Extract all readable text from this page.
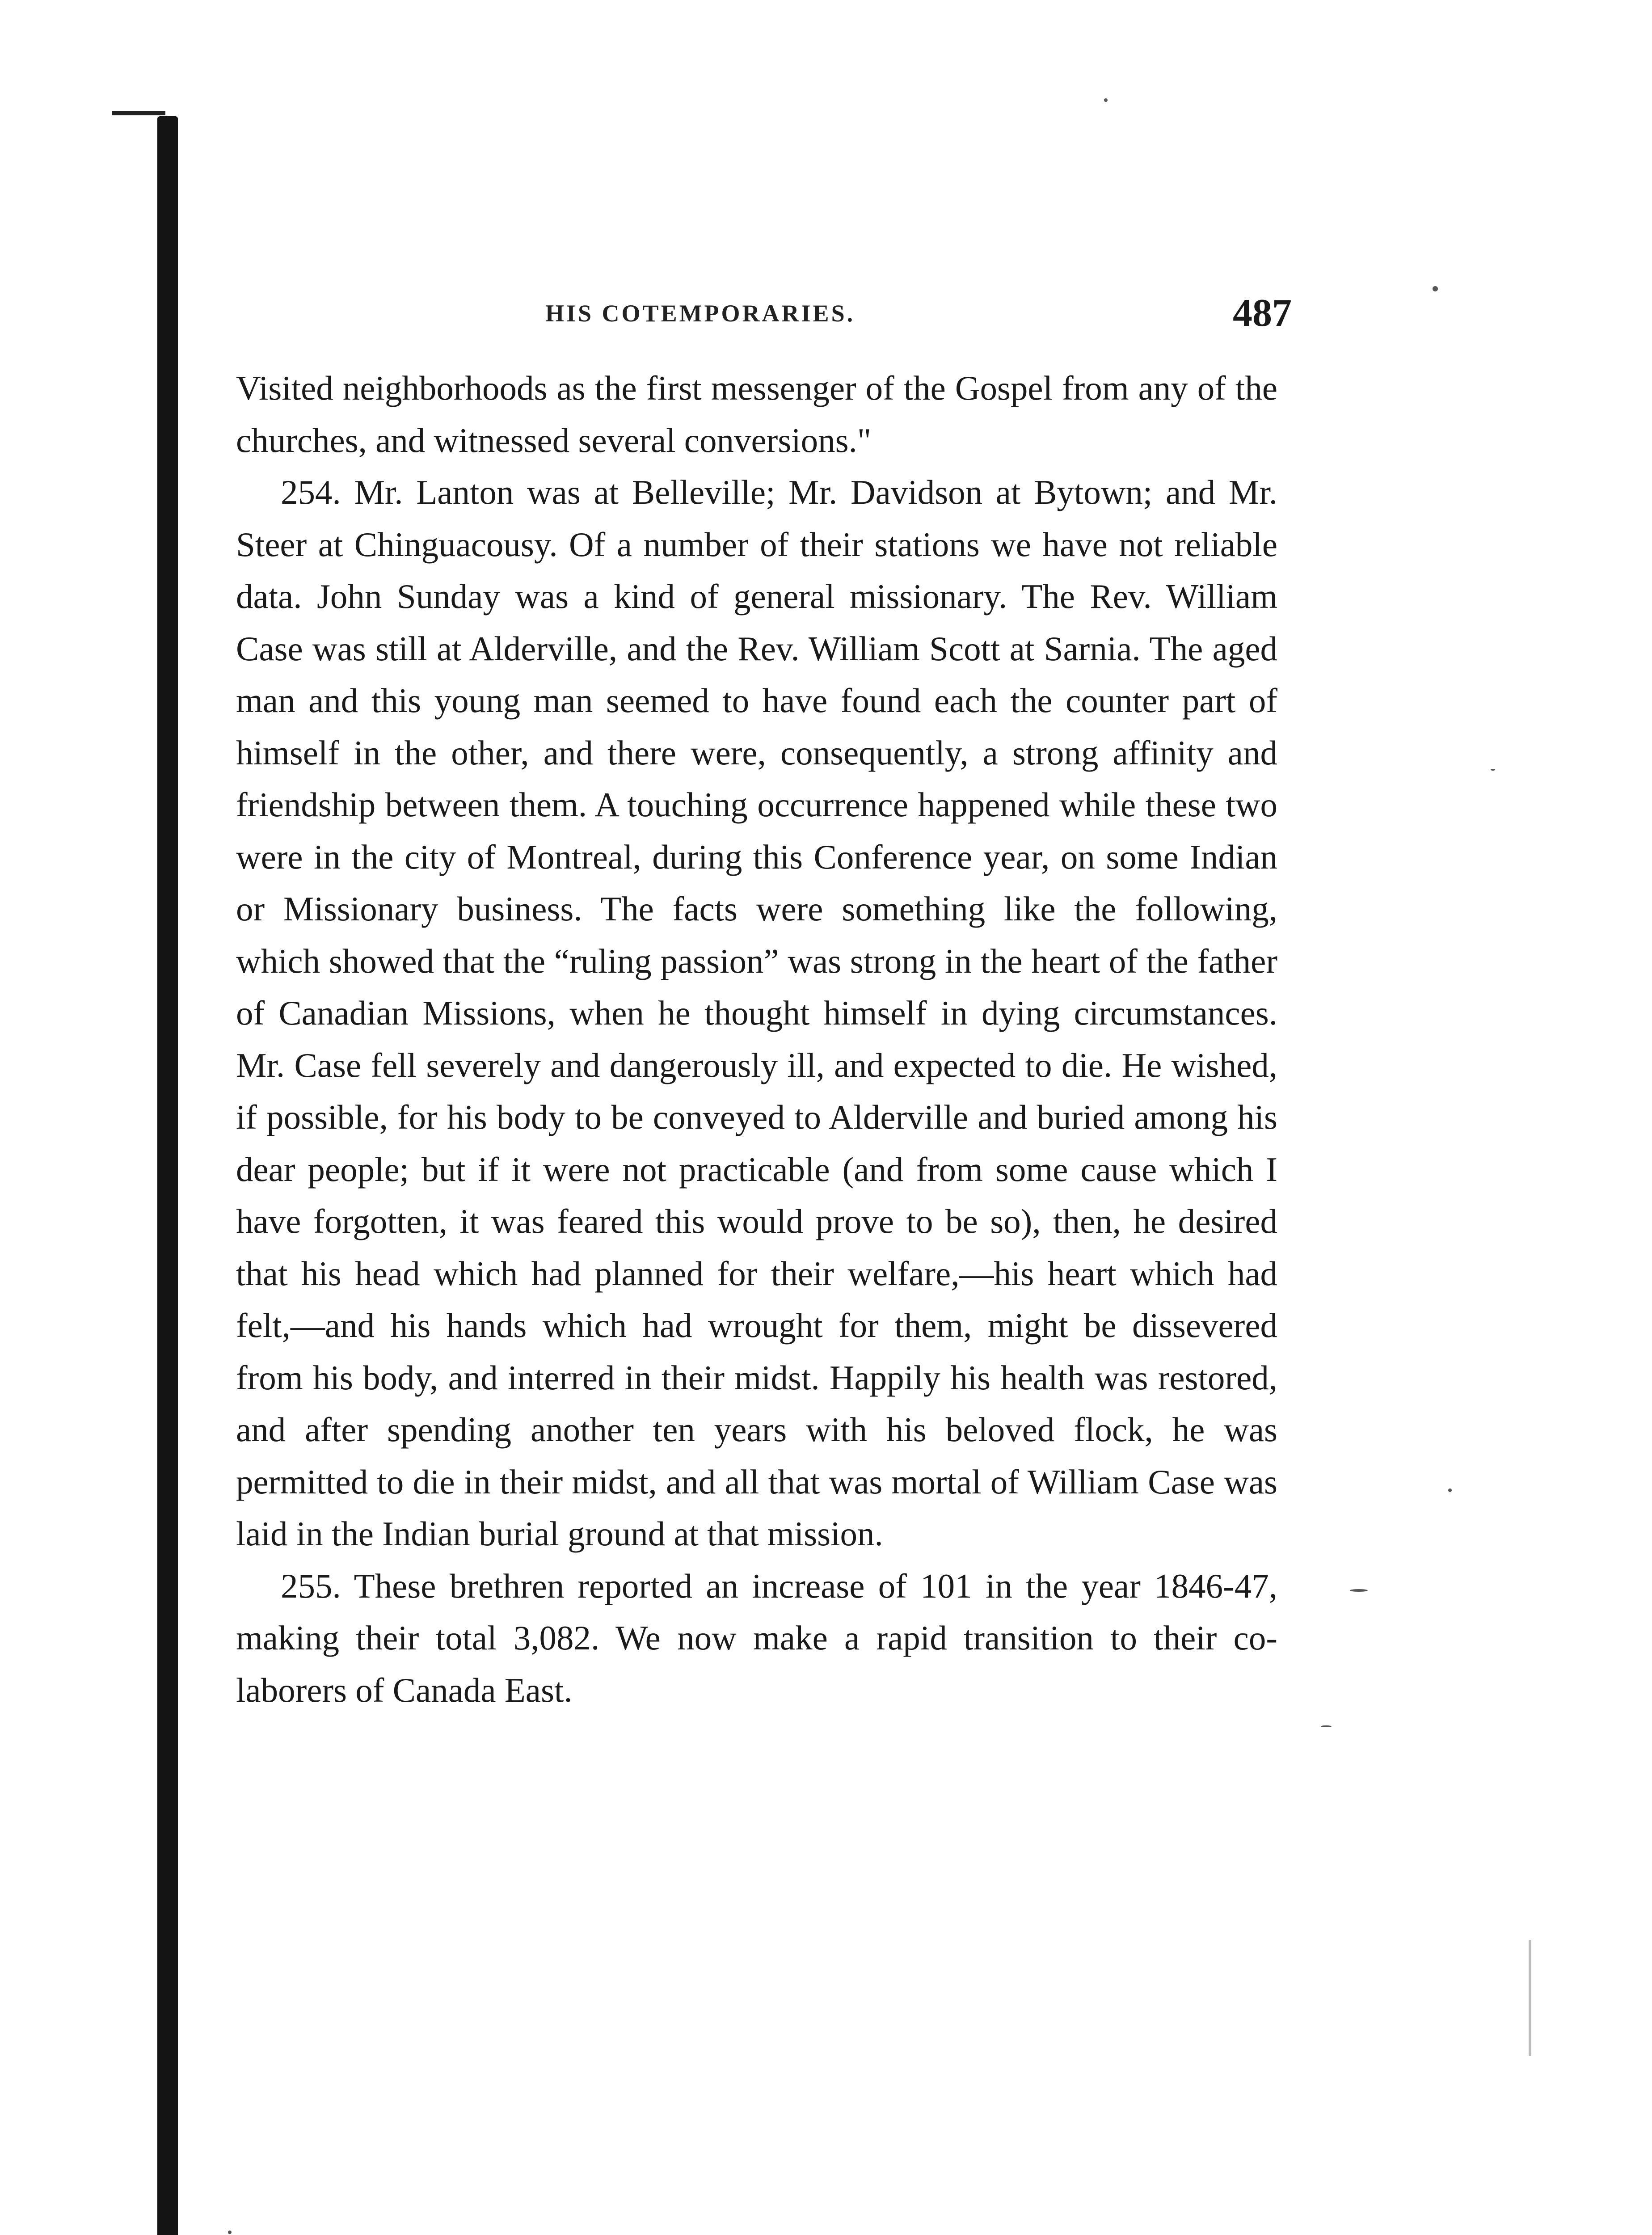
HIS COTEMPORARIES.	487

Visited neighborhoods as the first messenger of the Gospel from any of the churches, and witnessed several conversions."

254. Mr. Lanton was at Belleville; Mr. Davidson at Bytown; and Mr. Steer at Chinguacousy. Of a number of their stations we have not reliable data. John Sunday was a kind of general missionary. The Rev. William Case was still at Alderville, and the Rev. William Scott at Sarnia. The aged man and this young man seemed to have found each the counter part of himself in the other, and there were, consequently, a strong affinity and friendship between them. A touching occurrence happened while these two were in the city of Montreal, during this Conference year, on some Indian or Missionary business. The facts were something like the following, which showed that the “ruling passion” was strong in the heart of the father of Canadian Missions, when he thought himself in dying circumstances. Mr. Case fell severely and dangerously ill, and expected to die. He wished, if possible, for his body to be conveyed to Alderville and buried among his dear people; but if it were not practicable (and from some cause which I have forgotten, it was feared this would prove to be so), then, he desired that his head which had planned for their welfare,—his heart which had felt,—and his hands which had wrought for them, might be dissevered from his body, and interred in their midst. Happily his health was restored, and after spending another ten years with his beloved flock, he was permitted to die in their midst, and all that was mortal of William Case was laid in the Indian burial ground at that mission.

255. These brethren reported an increase of 101 in the year 1846-47, making their total 3,082. We now make a rapid transition to their co-laborers of Canada East.
